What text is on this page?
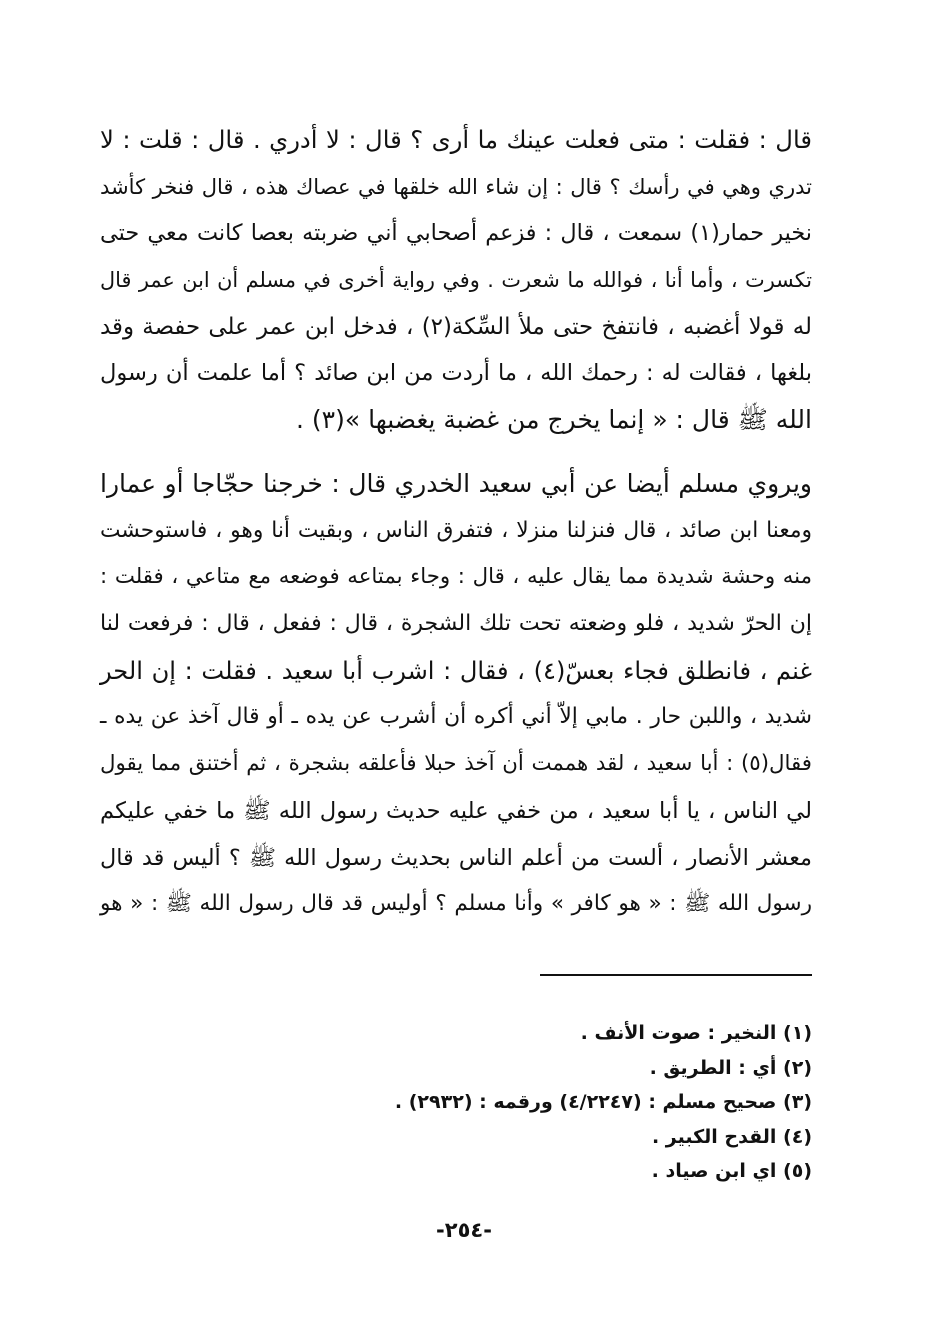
قال : فقلت : متى فعلت عينك ما أرى ؟ قال : لا أدري . قال : قلت : لا
تدري وهي في رأسك ؟ قال : إن شاء الله خلقها في عصاك هذه ، قال فنخر كأشد
نخير حمار(١) سمعت ، قال : فزعم أصحابي أني ضربته بعصا كانت معي حتى
تكسرت ، وأما أنا ، فوالله ما شعرت . وفي رواية أخرى في مسلم أن ابن عمر قال
له قولا أغضبه ، فانتفخ حتى ملأ السِّكة(٢) ، فدخل ابن عمر على حفصة وقد
بلغها ، فقالت له : رحمك الله ، ما أردت من ابن صائد ؟ أما علمت أن رسول
الله ﷺ قال : « إنما يخرج من غضبة يغضبها »(٣) .
ويروي مسلم أيضا عن أبي سعيد الخدري قال : خرجنا حجّاجا أو عمارا
ومعنا ابن صائد ، قال فنزلنا منزلا ، فتفرق الناس ، وبقيت أنا وهو ، فاستوحشت
منه وحشة شديدة مما يقال عليه ، قال : وجاء بمتاعه فوضعه مع متاعي ، فقلت :
إن الحرّ شديد ، فلو وضعته تحت تلك الشجرة ، قال : ففعل ، قال : فرفعت لنا
غنم ، فانطلق فجاء بعسّ(٤) ، فقال : اشرب أبا سعيد . فقلت : إن الحر
شديد ، واللبن حار . مابي إلاّ أني أكره أن أشرب عن يده ـ أو قال آخذ عن يده ـ
فقال(٥) : أبا سعيد ، لقد هممت أن آخذ حبلا فأعلقه بشجرة ، ثم أختنق مما يقول
لي الناس ، يا أبا سعيد ، من خفي عليه حديث رسول الله ﷺ ما خفي عليكم
معشر الأنصار ، ألست من أعلم الناس بحديث رسول الله ﷺ ؟ أليس قد قال
رسول الله ﷺ : « هو كافر » وأنا مسلم ؟ أوليس قد قال رسول الله ﷺ : « هو
(١) النخير : صوت الأنف .
(٢) أي : الطريق .
(٣) صحيح مسلم : (٤/٢٢٤٧) ورقمه : (٢٩٣٢) .
(٤) القدح الكبير .
(٥) اي ابن صياد .
-٢٥٤-
